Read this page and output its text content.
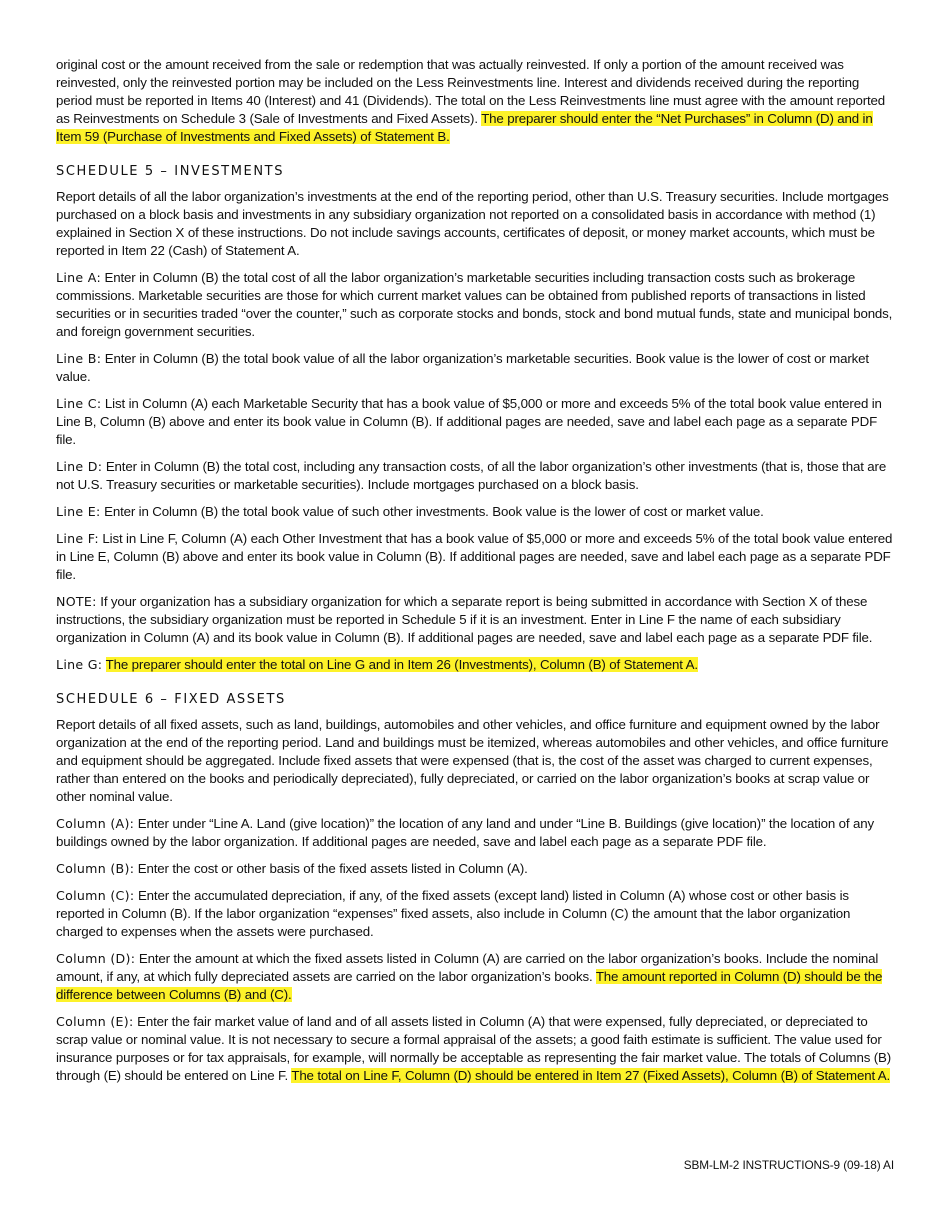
original cost or the amount received from the sale or redemption that was actually reinvested. If only a portion of the amount received was reinvested, only the reinvested portion may be included on the Less Reinvestments line. Interest and dividends received during the reporting period must be reported in Items 40 (Interest) and 41 (Dividends). The total on the Less Reinvestments line must agree with the amount reported as Reinvestments on Schedule 3 (Sale of Investments and Fixed Assets). The preparer should enter the “Net Purchases” in Column (D) and in Item 59 (Purchase of Investments and Fixed Assets) of Statement B.

SCHEDULE 5 – INVESTMENTS

Report details of all the labor organization’s investments at the end of the reporting period, other than U.S. Treasury securities. Include mortgages purchased on a block basis and investments in any subsidiary organization not reported on a consolidated basis in accordance with method (1) explained in Section X of these instructions. Do not include savings accounts, certificates of deposit, or money market accounts, which must be reported in Item 22 (Cash) of Statement A.

Line A: Enter in Column (B) the total cost of all the labor organization’s marketable securities including transaction costs such as brokerage commissions. Marketable securities are those for which current market values can be obtained from published reports of transactions in listed securities or in securities traded “over the counter,” such as corporate stocks and bonds, stock and bond mutual funds, state and municipal bonds, and foreign government securities.

Line B: Enter in Column (B) the total book value of all the labor organization’s marketable securities. Book value is the lower of cost or market value.

Line C: List in Column (A) each Marketable Security that has a book value of $5,000 or more and exceeds 5% of the total book value entered in Line B, Column (B) above and enter its book value in Column (B). If additional pages are needed, save and label each page as a separate PDF file.

Line D: Enter in Column (B) the total cost, including any transaction costs, of all the labor organization’s other investments (that is, those that are not U.S. Treasury securities or marketable securities). Include mortgages purchased on a block basis.

Line E: Enter in Column (B) the total book value of such other investments. Book value is the lower of cost or market value.

Line F: List in Line F, Column (A) each Other Investment that has a book value of $5,000 or more and exceeds 5% of the total book value entered in Line E, Column (B) above and enter its book value in Column (B). If additional pages are needed, save and label each page as a separate PDF file.

NOTE: If your organization has a subsidiary organization for which a separate report is being submitted in accordance with Section X of these instructions, the subsidiary organization must be reported in Schedule 5 if it is an investment. Enter in Line F the name of each subsidiary organization in Column (A) and its book value in Column (B). If additional pages are needed, save and label each page as a separate PDF file.

Line G: The preparer should enter the total on Line G and in Item 26 (Investments), Column (B) of Statement A.

SCHEDULE 6 – FIXED ASSETS

Report details of all fixed assets, such as land, buildings, automobiles and other vehicles, and office furniture and equipment owned by the labor organization at the end of the reporting period. Land and buildings must be itemized, whereas automobiles and other vehicles, and office furniture and equipment should be aggregated. Include fixed assets that were expensed (that is, the cost of the asset was charged to current expenses, rather than entered on the books and periodically depreciated), fully depreciated, or carried on the labor organization’s books at scrap value or other nominal value.

Column (A): Enter under “Line A. Land (give location)” the location of any land and under “Line B. Buildings (give location)” the location of any buildings owned by the labor organization. If additional pages are needed, save and label each page as a separate PDF file.

Column (B): Enter the cost or other basis of the fixed assets listed in Column (A).

Column (C): Enter the accumulated depreciation, if any, of the fixed assets (except land) listed in Column (A) whose cost or other basis is reported in Column (B). If the labor organization “expenses” fixed assets, also include in Column (C) the amount that the labor organization charged to expenses when the assets were purchased.

Column (D): Enter the amount at which the fixed assets listed in Column (A) are carried on the labor organization’s books. Include the nominal amount, if any, at which fully depreciated assets are carried on the labor organization’s books. The amount reported in Column (D) should be the difference between Columns (B) and (C).

Column (E): Enter the fair market value of land and of all assets listed in Column (A) that were expensed, fully depreciated, or depreciated to scrap value or nominal value. It is not necessary to secure a formal appraisal of the assets; a good faith estimate is sufficient. The value used for insurance purposes or for tax appraisals, for example, will normally be acceptable as representing the fair market value. The totals of Columns (B) through (E) should be entered on Line F. The total on Line F, Column (D) should be entered in Item 27 (Fixed Assets), Column (B) of Statement A.

SBM-LM-2 INSTRUCTIONS-9 (09-18) AI
